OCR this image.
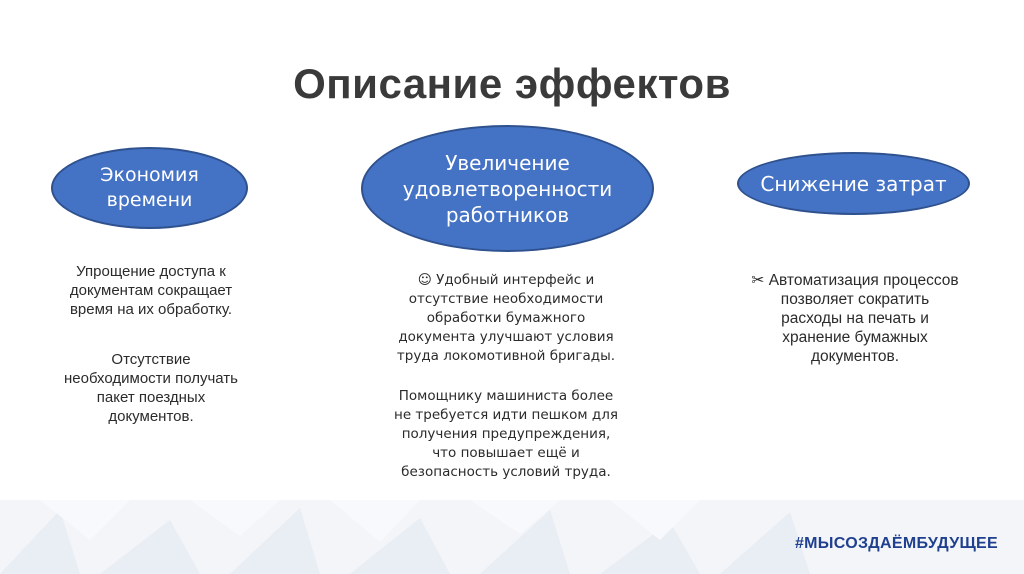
Описание эффектов
Экономия
времени
Увеличение
удовлетворенности
работников
Снижение затрат
Упрощение доступа к
документам сокращает
время на их обработку.
Отсутствие
необходимости получать
пакет поездных
документов.
☺ Удобный интерфейс и
отсутствие необходимости
обработки бумажного
документа улучшают условия
труда локомотивной бригады.
Помощнику машиниста более
не требуется идти пешком для
получения предупреждения,
что повышает ещё и
безопасность условий труда.
✂ Автоматизация процессов
позволяет сократить
расходы на печать и
хранение бумажных
документов.
#МЫСОЗДАЁМБУДУЩЕЕ
